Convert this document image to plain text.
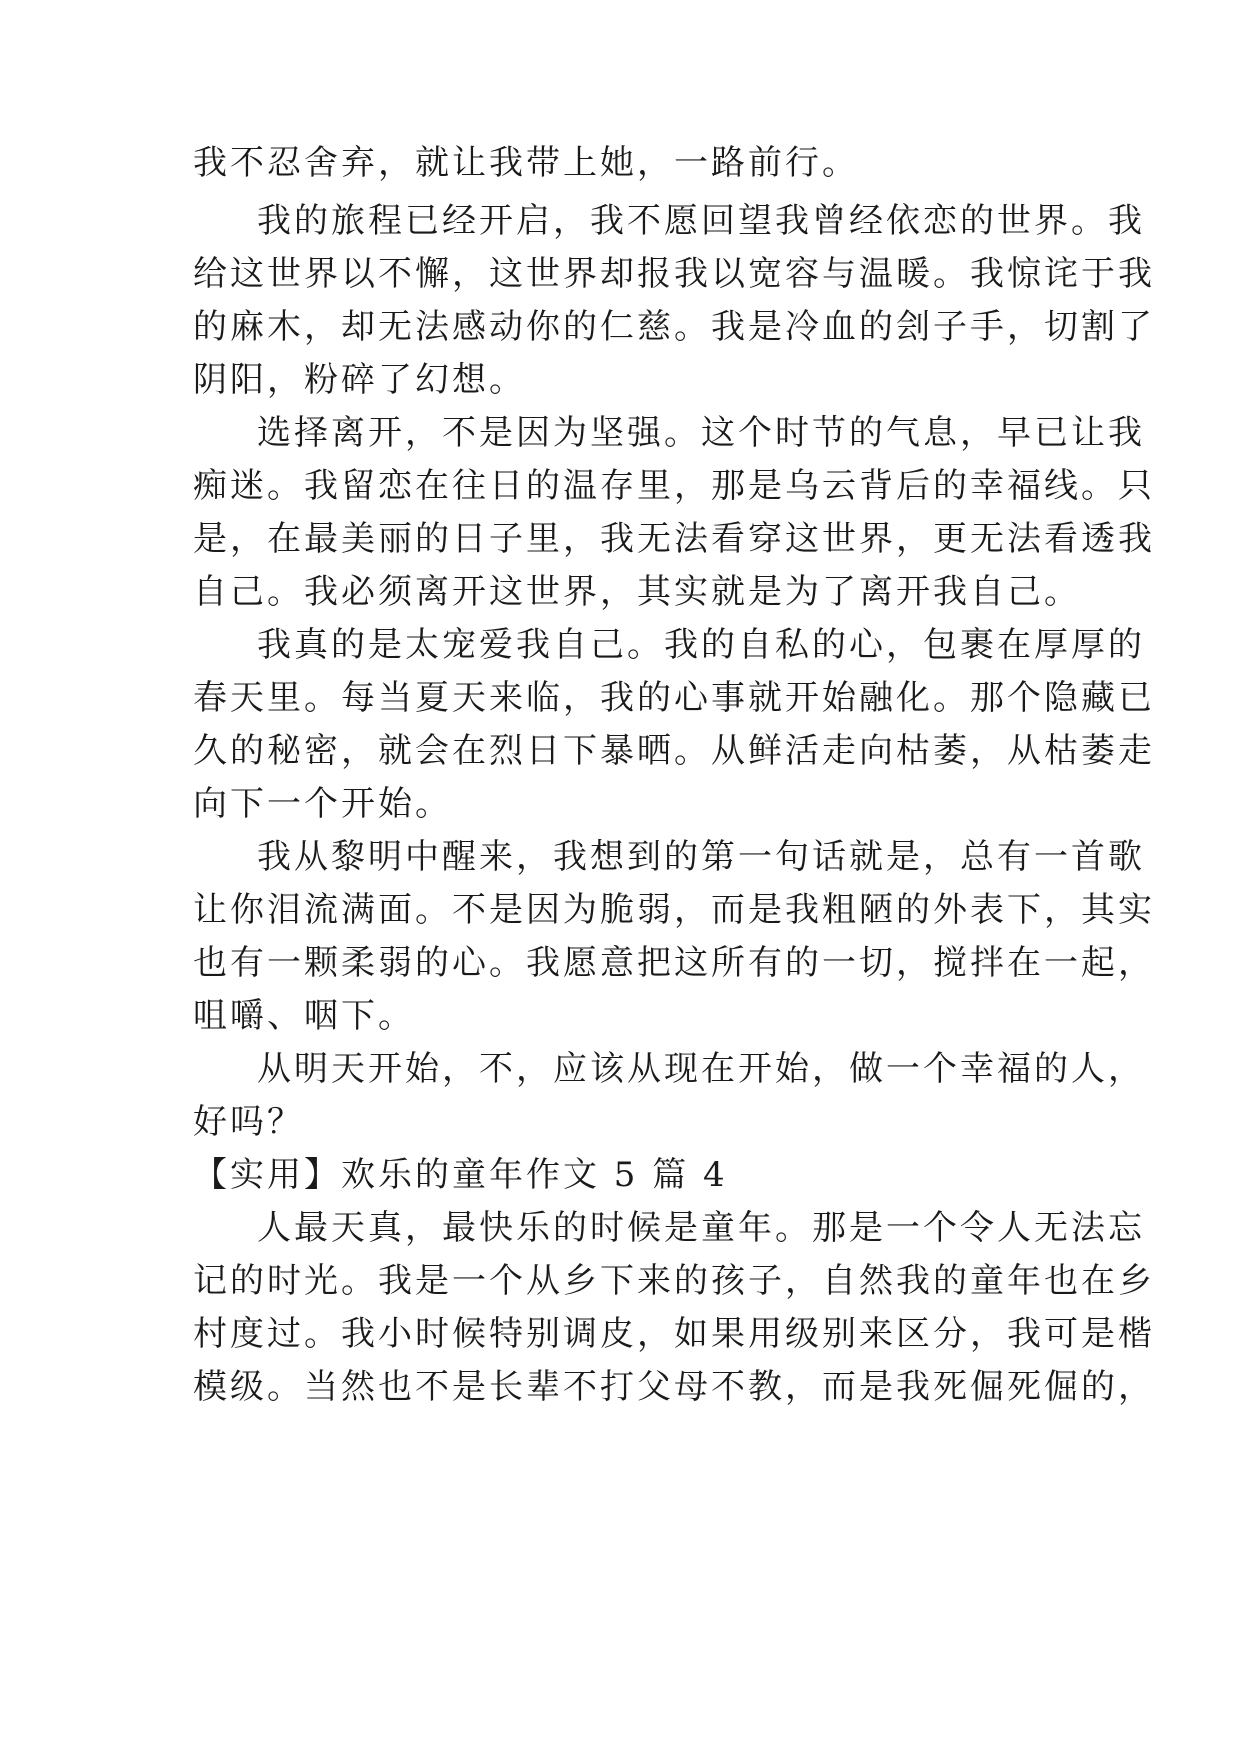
我不忍舍弃，就让我带上她，一路前行。
我的旅程已经开启，我不愿回望我曾经依恋的世界。我
给这世界以不懈，这世界却报我以宽容与温暖。我惊诧于我
的麻木，却无法感动你的仁慈。我是冷血的刽子手，切割了
阴阳，粉碎了幻想。
选择离开，不是因为坚强。这个时节的气息，早已让我
痴迷。我留恋在往日的温存里，那是乌云背后的幸福线。只
是，在最美丽的日子里，我无法看穿这世界，更无法看透我
自己。我必须离开这世界，其实就是为了离开我自己。
我真的是太宠爱我自己。我的自私的心，包裹在厚厚的
春天里。每当夏天来临，我的心事就开始融化。那个隐藏已
久的秘密，就会在烈日下暴晒。从鲜活走向枯萎，从枯萎走
向下一个开始。
我从黎明中醒来，我想到的第一句话就是，总有一首歌
让你泪流满面。不是因为脆弱，而是我粗陋的外表下，其实
也有一颗柔弱的心。我愿意把这所有的一切，搅拌在一起，
咀嚼、咽下。
从明天开始，不，应该从现在开始，做一个幸福的人，
好吗？
【实用】欢乐的童年作文 5 篇 4
人最天真，最快乐的时候是童年。那是一个令人无法忘
记的时光。我是一个从乡下来的孩子，自然我的童年也在乡
村度过。我小时候特别调皮，如果用级别来区分，我可是楷
模级。当然也不是长辈不打父母不教，而是我死倔死倔的，
